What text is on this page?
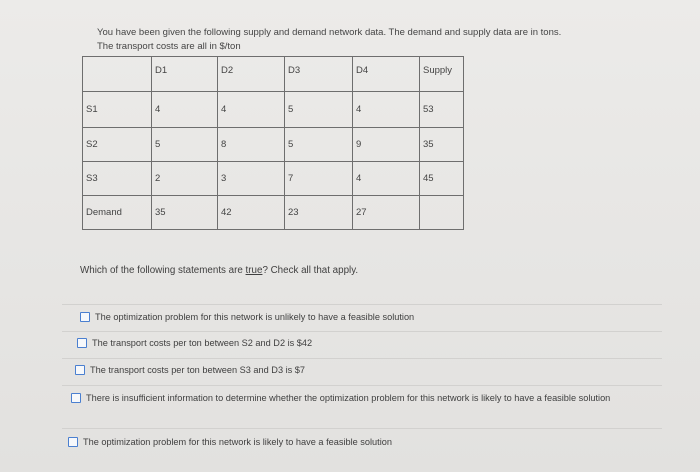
You have been given the following supply and demand network data. The demand and supply data are in tons.
The transport costs are all in $/ton
	D1	D2	D3	D4	Supply
S1	4	4	5	4	53
S2	5	8	5	9	35
S3	2	3	7	4	45
Demand	35	42	23	27	
Which of the following statements are true? Check all that apply.
The optimization problem for this network is unlikely to have a feasible solution
The transport costs per ton between S2 and D2 is $42
The transport costs per ton between S3 and D3 is $7
There is insufficient information to determine whether the optimization problem for this network is likely to have a feasible solution
The optimization problem for this network is likely to have a feasible solution
